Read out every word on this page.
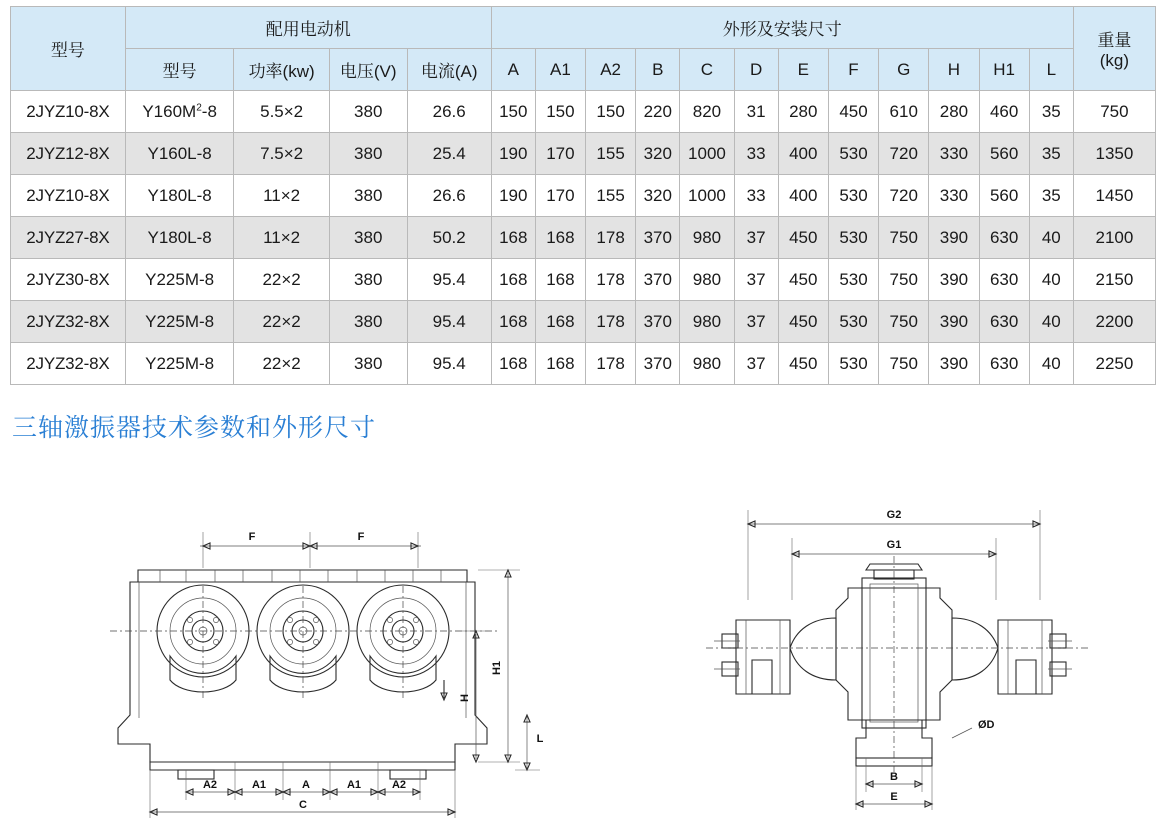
型号	配用电动机				外形及安装尺寸												重量
(kg)

	型号	功率(kw)	电压(V)	电流(A)	A	A1	A2	B	C	D	E	F	G	H	H1	L	
2JYZ10-8X	$Y160M^2-8$	5.5×2	380	26.6	150	150	150	220	820	31	280	450	610	280	460	35	750
2JYZ12-8X	Y160L-8	7.5×2	380	25.4	190	170	155	320	1000	33	400	530	720	330	560	35	1350
2JYZ10-8X	Y180L-8	11×2	380	26.6	190	170	155	320	1000	33	400	530	720	330	560	35	1450
2JYZ27-8X	Y180L-8	11×2	380	50.2	168	168	178	370	980	37	450	530	750	390	630	40	2100
2JYZ30-8X	Y225M-8	22×2	380	95.4	168	168	178	370	980	37	450	530	750	390	630	40	2150
2JYZ32-8X	Y225M-8	22×2	380	95.4	168	168	178	370	980	37	450	530	750	390	630	40	2200
2JYZ32-8X	Y225M-8	22×2	380	95.4	168	168	178	370	980	37	450	530	750	390	630	40	2250
三轴激振器技术参数和外形尺寸
F	F
H1
H
L
A2	A1	A	A1	A2
C
G2
G1
ØD
B
E
